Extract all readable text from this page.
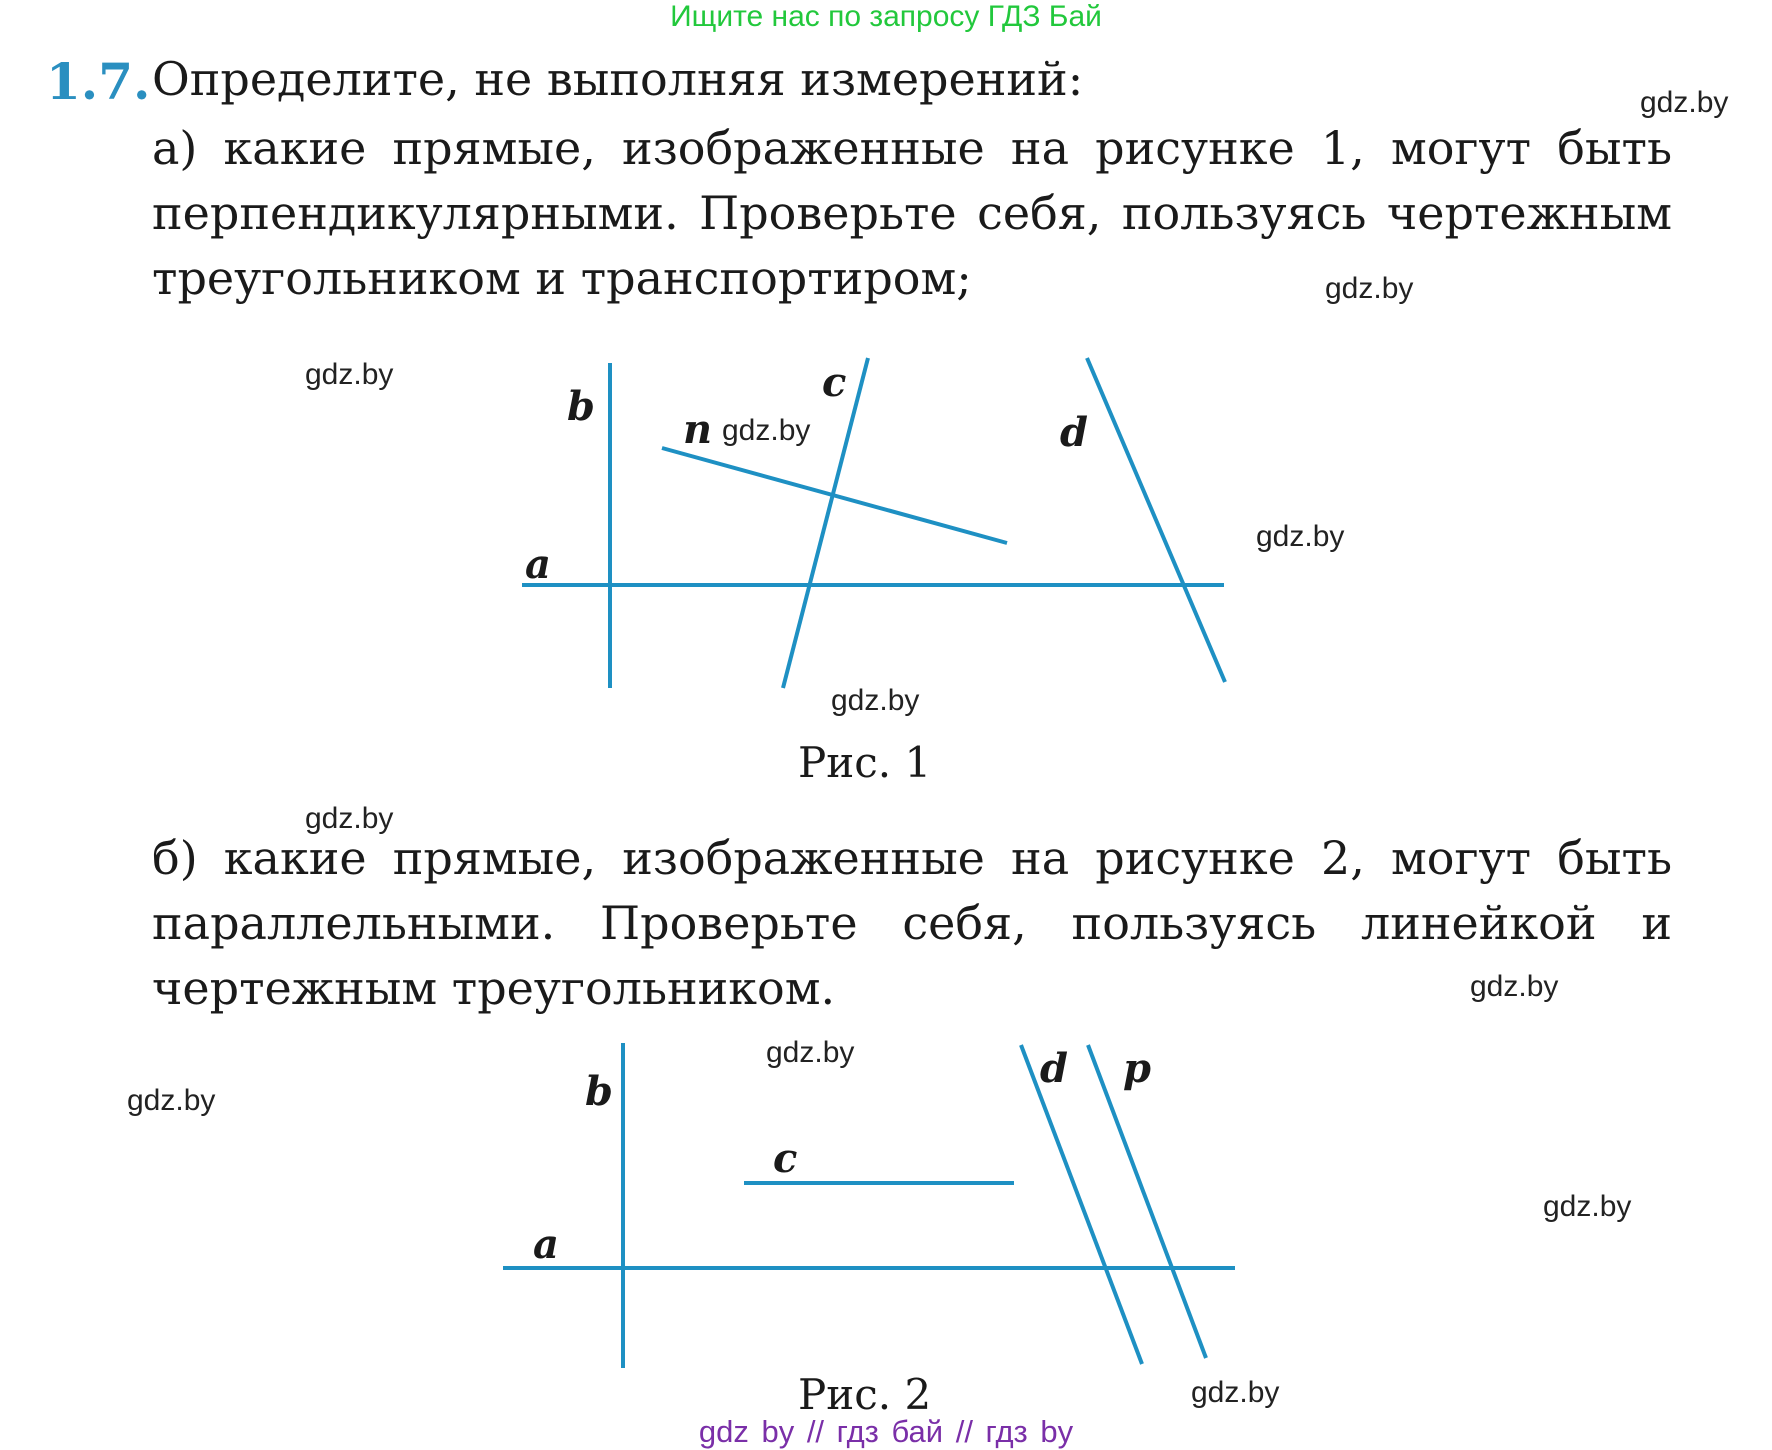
Ищите нас по запросу ГДЗ Бай
1.7. Определите, не выполняя измерений:
а) какие прямые, изображенные на рисунке 1, могут быть перпендикулярными. Проверьте себя, пользуясь чертежным треугольником и транспортиром;
a
b
c
n	d
Рис. 1
б) какие прямые, изображенные на рисунке 2, могут быть параллельными. Проверьте себя, пользуясь линейкой и чертежным треугольником.
a
b
c
d p
Рис. 2
gdz.by
gdz.by
gdz.by
gdz.by
gdz.by
gdz.by
gdz.by
gdz.by
gdz.by
gdz.by
gdz.by
gdz.by
gdz by // гдз бай // гдз by
